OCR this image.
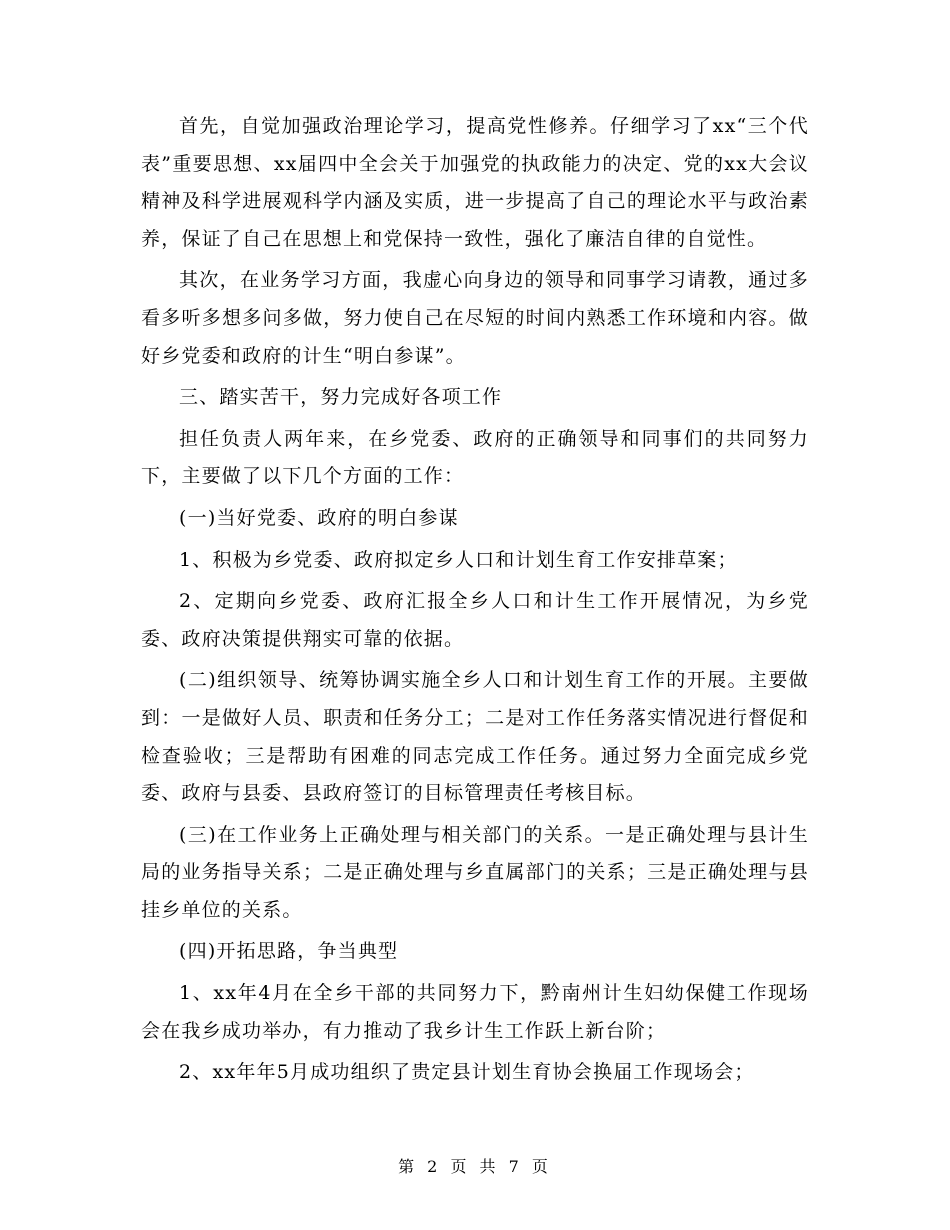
首先，自觉加强政治理论学习，提高党性修养。仔细学习了xx“三个代表”重要思想、xx届四中全会关于加强党的执政能力的决定、党的xx大会议精神及科学进展观科学内涵及实质，进一步提高了自己的理论水平与政治素养，保证了自己在思想上和党保持一致性，强化了廉洁自律的自觉性。

其次，在业务学习方面，我虚心向身边的领导和同事学习请教，通过多看多听多想多问多做，努力使自己在尽短的时间内熟悉工作环境和内容。做好乡党委和政府的计生“明白参谋”。

三、踏实苦干，努力完成好各项工作

担任负责人两年来，在乡党委、政府的正确领导和同事们的共同努力下，主要做了以下几个方面的工作：

(一)当好党委、政府的明白参谋

1、积极为乡党委、政府拟定乡人口和计划生育工作安排草案；

2、定期向乡党委、政府汇报全乡人口和计生工作开展情况，为乡党委、政府决策提供翔实可靠的依据。

(二)组织领导、统筹协调实施全乡人口和计划生育工作的开展。主要做到：一是做好人员、职责和任务分工；二是对工作任务落实情况进行督促和检查验收；三是帮助有困难的同志完成工作任务。通过努力全面完成乡党委、政府与县委、县政府签订的目标管理责任考核目标。

(三)在工作业务上正确处理与相关部门的关系。一是正确处理与县计生局的业务指导关系；二是正确处理与乡直属部门的关系；三是正确处理与县挂乡单位的关系。

(四)开拓思路，争当典型

1、xx年4月在全乡干部的共同努力下，黔南州计生妇幼保健工作现场会在我乡成功举办，有力推动了我乡计生工作跃上新台阶；

2、xx年年5月成功组织了贵定县计划生育协会换届工作现场会；

第 2 页 共 7 页
